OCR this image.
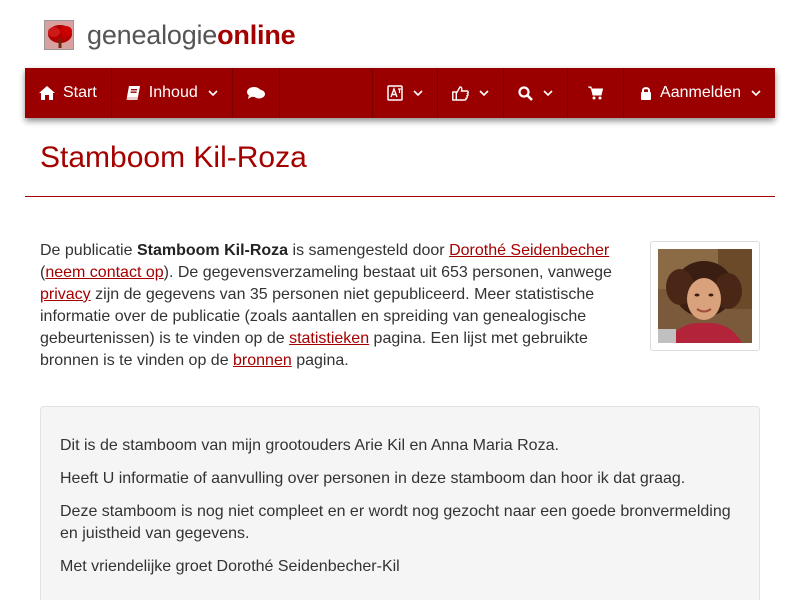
genealogieonline
Start	Inhoud	Aanmelden
Stamboom Kil-Roza
De publicatie Stamboom Kil-Roza is samengesteld door Dorothé Seidenbecher
(neem contact op). De gegevensverzameling bestaat uit 653 personen, vanwege privacy zijn de gegevens van 35 personen niet gepubliceerd. Meer statistische informatie over de publicatie (zoals aantallen en spreiding van genealogische gebeurtenissen) is te vinden op de statistieken pagina. Een lijst met gebruikte bronnen is te vinden op de bronnen pagina.

Dit is de stamboom van mijn grootouders Arie Kil en Anna Maria Roza.

Heeft U informatie of aanvulling over personen in deze stamboom dan hoor ik dat graag.

Deze stamboom is nog niet compleet en er wordt nog gezocht naar een goede bronvermelding en juistheid van gegevens.

Met vriendelijke groet Dorothé Seidenbecher-Kil
